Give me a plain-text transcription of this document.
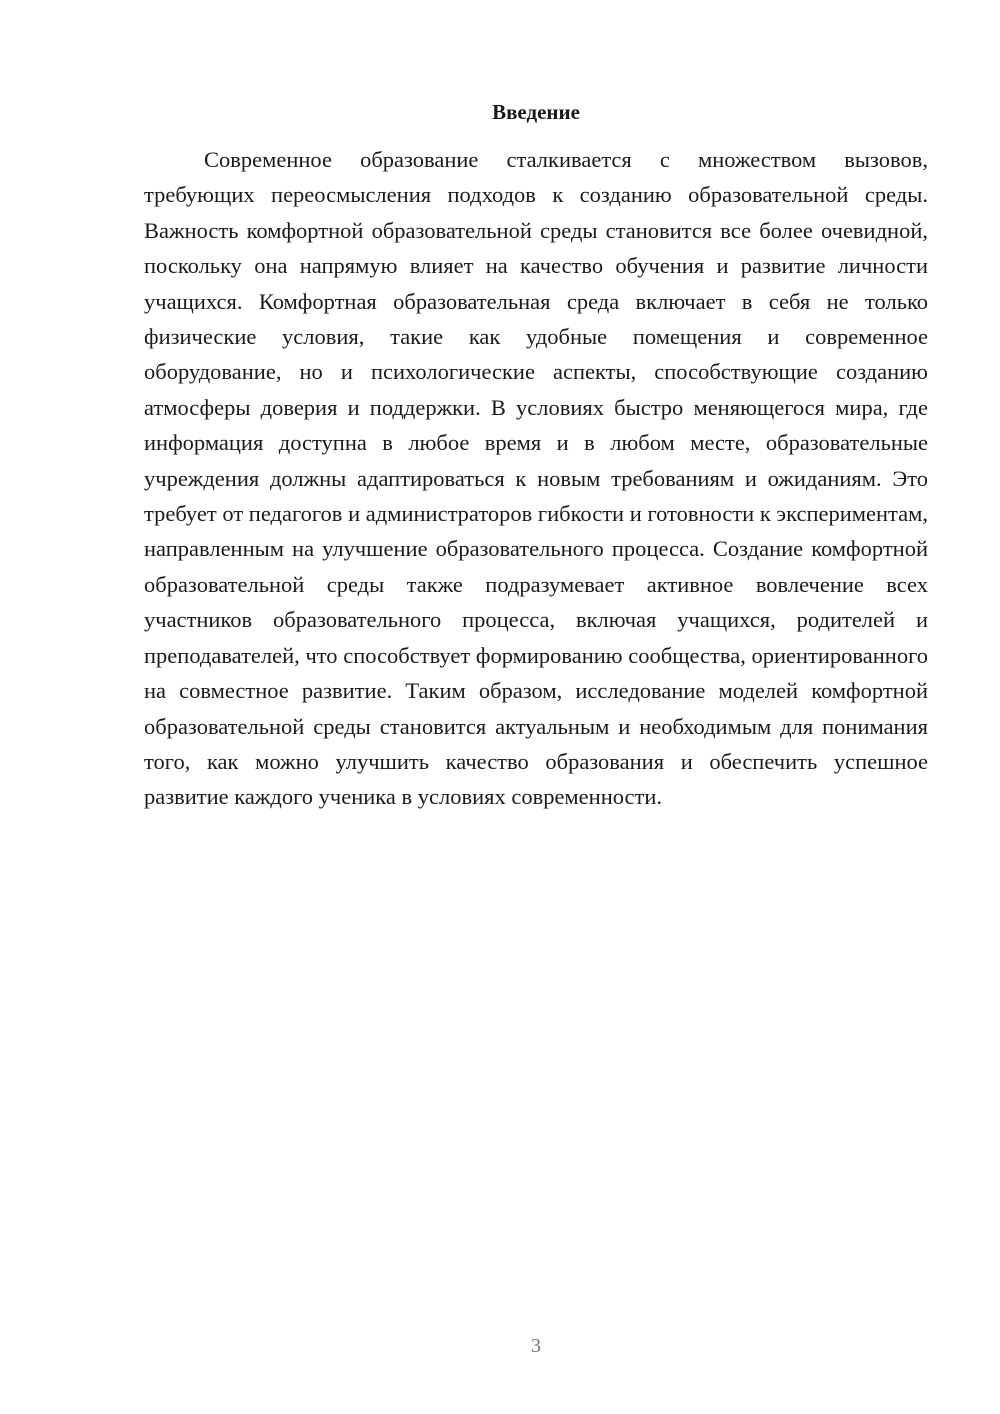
Введение

Современное образование сталкивается с множеством вызовов, требующих переосмысления подходов к созданию образовательной среды. Важность комфортной образовательной среды становится все более очевидной, поскольку она напрямую влияет на качество обучения и развитие личности учащихся. Комфортная образовательная среда включает в себя не только физические условия, такие как удобные помещения и современное оборудование, но и психологические аспекты, способствующие созданию атмосферы доверия и поддержки. В условиях быстро меняющегося мира, где информация доступна в любое время и в любом месте, образовательные учреждения должны адаптироваться к новым требованиям и ожиданиям. Это требует от педагогов и администраторов гибкости и готовности к экспериментам, направленным на улучшение образовательного процесса. Создание комфортной образовательной среды также подразумевает активное вовлечение всех участников образовательного процесса, включая учащихся, родителей и преподавателей, что способствует формированию сообщества, ориентированного на совместное развитие. Таким образом, исследование моделей комфортной образовательной среды становится актуальным и необходимым для понимания того, как можно улучшить качество образования и обеспечить успешное развитие каждого ученика в условиях современности.

3
